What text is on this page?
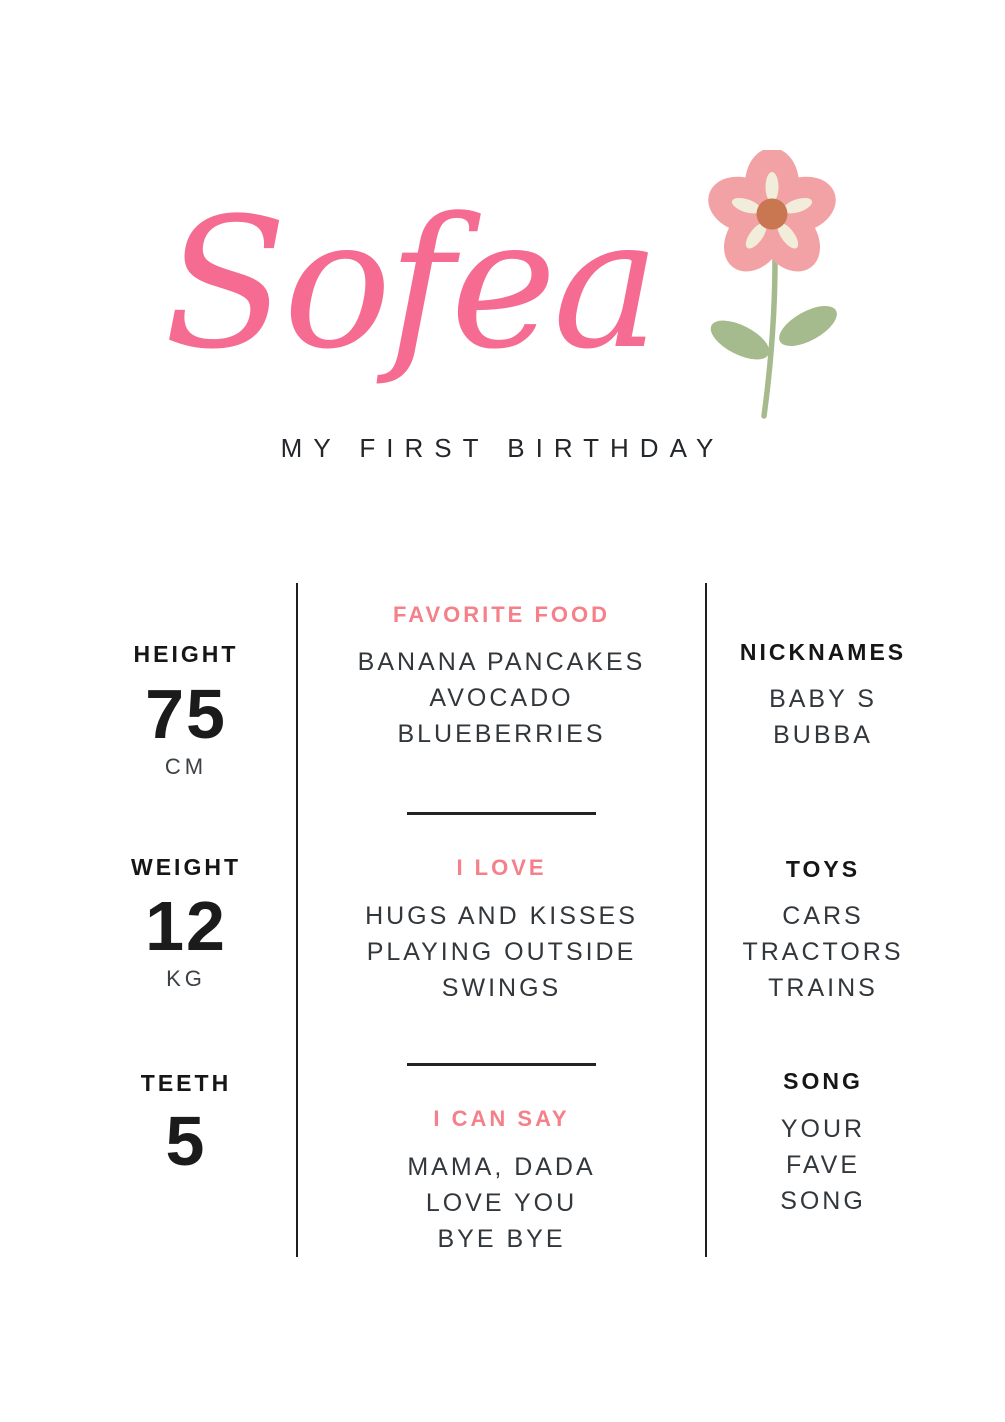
Sofea
MY FIRST BIRTHDAY
HEIGHT
75
CM
WEIGHT
12
KG
TEETH
5
FAVORITE FOOD
BANANA PANCAKES
AVOCADO
BLUEBERRIES
I LOVE
HUGS AND KISSES
PLAYING OUTSIDE
SWINGS
I CAN SAY
MAMA, DADA
LOVE YOU
BYE BYE
NICKNAMES
BABY S
BUBBA
TOYS
CARS
TRACTORS
TRAINS
SONG
YOUR
FAVE
SONG
